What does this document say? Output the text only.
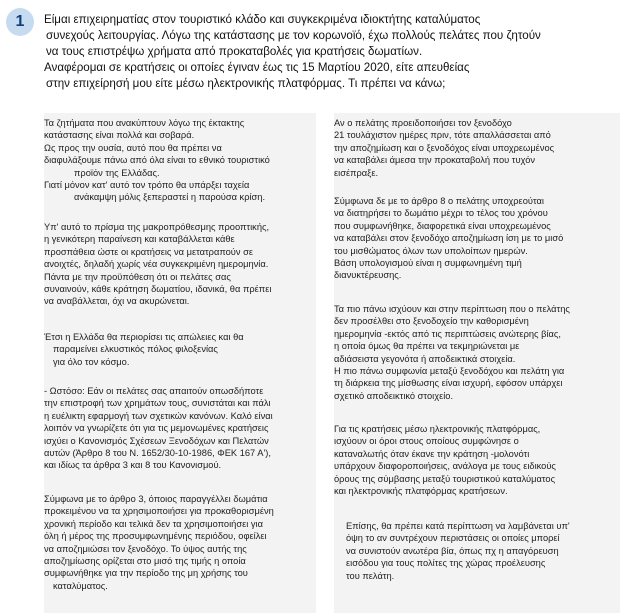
1	Είμαι επιχειρηματίας στον τουριστικό κλάδο και συγκεκριμένα ιδιοκτήτης καταλύματος
συνεχούς λειτουργίας. Λόγω της κατάστασης με τον κορωνοϊό, έχω πολλούς πελάτες που ζητούν
να τους επιστρέψω χρήματα από προκαταβολές για κρατήσεις δωματίων.
Αναφέρομαι σε κρατήσεις οι οποίες έγιναν έως τις 15 Μαρτίου 2020, είτε απευθείας
στην επιχείρησή μου είτε μέσω ηλεκτρονικής πλατφόρμας. Τι πρέπει να κάνω;
Τα ζητήματα που ανακύπτουν λόγω της έκτακτης
κατάστασης είναι πολλά και σοβαρά.
Ως προς την ουσία, αυτό που θα πρέπει να
διαφυλάξουμε πάνω από όλα είναι το εθνικό τουριστικό
προϊόν της Ελλάδας.
Γιατί μόνον κατ' αυτό τον τρόπο θα υπάρξει ταχεία
ανάκαμψη μόλις ξεπεραστεί η παρούσα κρίση.
Υπ' αυτό το πρίσμα της μακροπρόθεσμης προοπτικής,
η γενικότερη παραίνεση και καταβάλλεται κάθε
προσπάθεια ώστε οι κρατήσεις να μετατραπούν σε
ανοιχτές, δηλαδή χωρίς νέα συγκεκριμένη ημερομηνία.
Πάντα με την προϋπόθεση ότι οι πελάτες σας
συναινούν, κάθε κράτηση δωματίου, ιδανικά, θα πρέπει
να αναβάλλεται, όχι να ακυρώνεται.
Έτσι η Ελλάδα θα περιορίσει τις απώλειες και θα
παραμείνει ελκυστικός πόλος φιλοξενίας
για όλο τον κόσμο.
- Ωστόσο: Εάν οι πελάτες σας απαιτούν οπωσδήποτε
την επιστροφή των χρημάτων τους, συνιστάται και πάλι
η ευέλικτη εφαρμογή των σχετικών κανόνων. Καλό είναι
λοιπόν να γνωρίζετε ότι για τις μεμονωμένες κρατήσεις
ισχύει ο Κανονισμός Σχέσεων Ξενοδόχων και Πελατών
αυτών (Άρθρο 8 του Ν. 1652/30-10-1986, ΦΕΚ 167 Α'),
και ιδίως τα άρθρα 3 και 8 του Κανονισμού.
Σύμφωνα με το άρθρο 3, όποιος παραγγέλλει δωμάτια
προκειμένου να τα χρησιμοποιήσει για προκαθορισμένη
χρονική περίοδο και τελικά δεν τα χρησιμοποιήσει για
όλη ή μέρος της προσυμφωνημένης περιόδου, οφείλει
να αποζημιώσει τον ξενοδόχο. Το ύψος αυτής της
αποζημίωσης ορίζεται στο μισό της τιμής η οποία
συμφωνήθηκε για την περίοδο της μη χρήσης του
καταλύματος.
Αν ο πελάτης προειδοποιήσει τον ξενοδόχο
21 τουλάχιστον ημέρες πριν, τότε απαλλάσσεται από
την αποζημίωση και ο ξενοδόχος είναι υποχρεωμένος
να καταβάλει άμεσα την προκαταβολή που τυχόν
εισέπραξε.
Σύμφωνα δε με το άρθρο 8 ο πελάτης υποχρεούται
να διατηρήσει το δωμάτιο μέχρι το τέλος του χρόνου
που συμφωνήθηκε, διαφορετικά είναι υποχρεωμένος
να καταβάλει στον ξενοδόχο αποζημίωση ίση με το μισό
του μισθώματος όλων των υπολοίπων ημερών.
Βάση υπολογισμού είναι η συμφωνημένη τιμή
διανυκτέρευσης.
Τα πιο πάνω ισχύουν και στην περίπτωση που ο πελάτης
δεν προσέλθει στο ξενοδοχείο την καθορισμένη
ημερομηνία -εκτός από τις περιπτώσεις ανώτερης βίας,
η οποία όμως θα πρέπει να τεκμηριώνεται με
αδιάσειστα γεγονότα ή αποδεικτικά στοιχεία.
Η πιο πάνω συμφωνία μεταξύ ξενοδόχου και πελάτη για
τη διάρκεια της μίσθωσης είναι ισχυρή, εφόσον υπάρχει
σχετικό αποδεικτικό στοιχείο.
Για τις κρατήσεις μέσω ηλεκτρονικής πλατφόρμας,
ισχύουν οι όροι στους οποίους συμφώνησε ο
καταναλωτής όταν έκανε την κράτηση -μολονότι
υπάρχουν διαφοροποιήσεις, ανάλογα με τους ειδικούς
όρους της σύμβασης μεταξύ τουριστικού καταλύματος
και ηλεκτρονικής πλατφόρμας κρατήσεων.
Επίσης, θα πρέπει κατά περίπτωση να λαμβάνεται υπ'
όψη το αν συντρέχουν περιστάσεις οι οποίες μπορεί
να συνιστούν ανωτέρα βία, όπως πχ η απαγόρευση
εισόδου για τους πολίτες της χώρας προέλευσης
του πελάτη.
